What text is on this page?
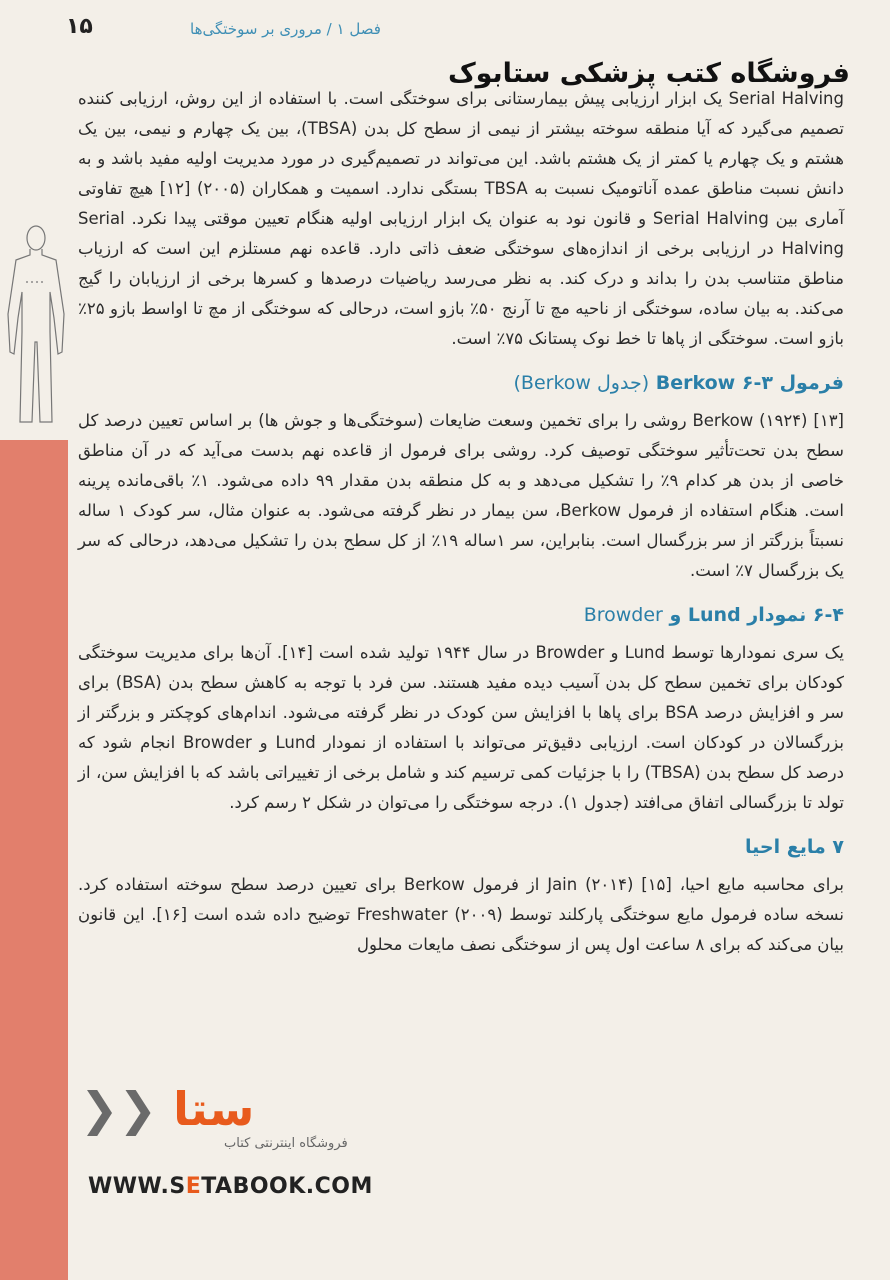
۱۵	فصل ۱ / مروری بر سوختگی‌ها
فروشگاه کتب پزشکی ستابوک

Serial Halving یک ابزار ارزیابی پیش بیمارستانی برای سوختگی است. با استفاده از این روش، ارزیابی کننده تصمیم می‌گیرد که آیا منطقه سوخته بیشتر از نیمی از سطح کل بدن (TBSA)، بین یک چهارم و نیمی، بین یک هشتم و یک چهارم یا کمتر از یک هشتم باشد. این می‌تواند در تصمیم‌گیری در مورد مدیریت اولیه مفید باشد و به دانش نسبت مناطق عمده آناتومیک نسبت به TBSA بستگی ندارد. اسمیت و همکاران (۲۰۰۵) [۱۲] هیچ تفاوتی آماری بین Serial Halving و قانون نود به عنوان یک ابزار ارزیابی اولیه هنگام تعیین موقتی پیدا نکرد. Serial Halving در ارزیابی برخی از اندازه‌های سوختگی ضعف ذاتی دارد. قاعده نهم مستلزم این است که ارزیاب مناطق متناسب بدن را بداند و درک کند. به نظر می‌رسد ریاضیات درصدها و کسرها برخی از ارزیابان را گیج می‌کند. به بیان ساده، سوختگی از ناحیه مچ تا آرنج ۵۰٪ بازو است، درحالی که سوختگی از مچ تا اواسط بازو ۲۵٪ بازو است. سوختگی از پاها تا خط نوک پستانک ۷۵٪ است.

فرمول ۳-۶ Berkow (جدول Berkow)

Berkow (۱۹۲۴) [۱۳] روشی را برای تخمین وسعت ضایعات (سوختگی‌ها و جوش ها) بر اساس تعیین درصد کل سطح بدن تحت‌تأثیر سوختگی توصیف کرد. روشی برای فرمول از قاعده نهم بدست می‌آید که در آن مناطق خاصی از بدن هر کدام ۹٪ را تشکیل می‌دهد و به کل منطقه بدن مقدار ۹۹ داده می‌شود. ۱٪ باقی‌مانده پرینه است. هنگام استفاده از فرمول Berkow، سن بیمار در نظر گرفته می‌شود. به عنوان مثال، سر کودک ۱ ساله نسبتاً بزرگتر از سر بزرگسال است. بنابراین، سر ۱ساله ۱۹٪ از کل سطح بدن را تشکیل می‌دهد، درحالی که سر یک بزرگسال ۷٪ است.

۶-۴ نمودار Lund و Browder

یک سری نمودارها توسط Lund و Browder در سال ۱۹۴۴ تولید شده است [۱۴]. آن‌ها برای مدیریت سوختگی کودکان برای تخمین سطح کل بدن آسیب دیده مفید هستند. سن فرد با توجه به کاهش سطح بدن (BSA) برای سر و افزایش درصد BSA برای پاها با افزایش سن کودک در نظر گرفته می‌شود. اندام‌های کوچکتر و بزرگتر از بزرگسالان در کودکان است. ارزیابی دقیق‌تر می‌تواند با استفاده از نمودار Lund و Browder انجام شود که درصد کل سطح بدن (TBSA) را با جزئیات کمی ترسیم کند و شامل برخی از تغییراتی باشد که با افزایش سن، از تولد تا بزرگسالی اتفاق می‌افتد (جدول ۱). درجه سوختگی را می‌توان در شکل ۲ رسم کرد.

۷ مایع احیا

برای محاسبه مایع احیا، Jain (۲۰۱۴) [۱۵] از فرمول Berkow برای تعیین درصد سطح سوخته استفاده کرد. نسخه ساده فرمول مایع سوختگی پارکلند توسط Freshwater (۲۰۰۹) توضیح داده شده است [۱۶]. این قانون بیان می‌کند که برای ۸ ساعت اول پس از سوختگی نصف مایعات محلول

❯❯ ستا
فروشگاه اینترنتی کتاب
WWW.SETABOOK.COM
